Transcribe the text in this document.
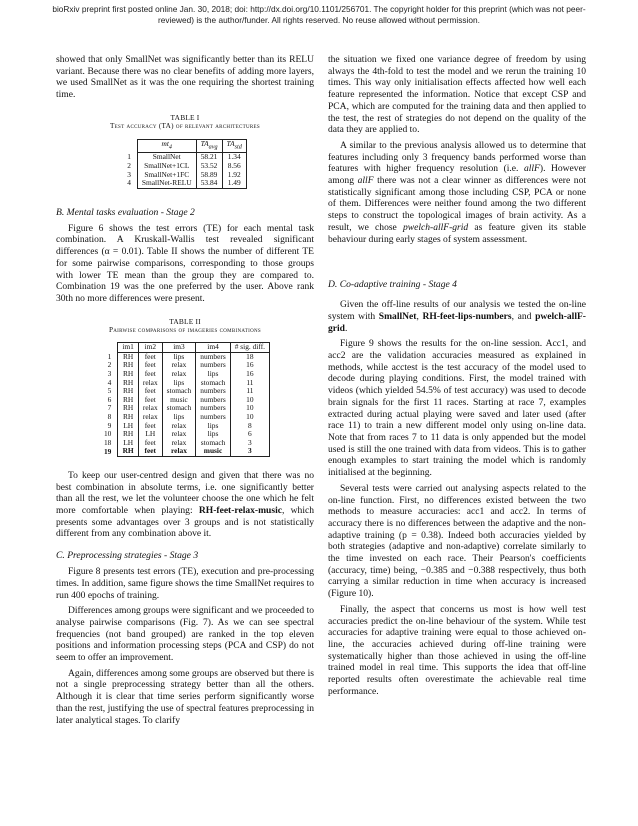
bioRxiv preprint first posted online Jan. 30, 2018; doi: http://dx.doi.org/10.1101/256701. The copyright holder for this preprint (which was not peer-reviewed) is the author/funder. All rights reserved. No reuse allowed without permission.

showed that only SmallNet was significantly better than its RELU variant. Because there was no clear benefits of adding more layers, we used SmallNet as it was the one requiring the shortest training time.

TABLE I
Test accuracy (TA) of relevant architectures
	$mt_4$	$TA_{avg}$	$TA_{std}$
1	SmallNet	58.21	1.34
2	SmallNet+1CL	53.52	8.56
3	SmallNet+1FC	58.89	1.92
4	SmallNet-RELU	53.84	1.49
B. Mental tasks evaluation - Stage 2

Figure 6 shows the test errors (TE) for each mental task combination. A Kruskall-Wallis test revealed significant differences (α = 0.01). Table II shows the number of different TE for some pairwise comparisons, corresponding to those groups with lower TE mean than the group they are compared to. Combination 19 was the one preferred by the user. Above rank 30th no more differences were present.

TABLE II
Pairwise comparisons of imageries combinations
	im1	im2	im3	im4	# sig. diff.
1	RH	feet	lips	numbers	18
2	RH	feet	relax	numbers	16
3	RH	feet	relax	lips	16
4	RH	relax	lips	stomach	11
5	RH	feet	stomach	numbers	11
6	RH	feet	music	numbers	10
7	RH	relax	stomach	numbers	10
8	RH	relax	lips	numbers	10
9	LH	feet	relax	lips	8
10	RH	LH	relax	lips	6
18	LH	feet	relax	stomach	3
19	RH	feet	relax	music	3

To keep our user-centred design and given that there was no best combination in absolute terms, i.e. one significantly better than all the rest, we let the volunteer choose the one which he felt more comfortable when playing: RH-feet-relax-music, which presents some advantages over 3 groups and is not statistically different from any combination above it.

C. Preprocessing strategies - Stage 3

Figure 8 presents test errors (TE), execution and pre-processing times. In addition, same figure shows the time SmallNet requires to run 400 epochs of training.

Differences among groups were significant and we proceeded to analyse pairwise comparisons (Fig. 7). As we can see spectral frequencies (not band grouped) are ranked in the top eleven positions and information processing steps (PCA and CSP) do not seem to offer an improvement.

Again, differences among some groups are observed but there is not a single preprocessing strategy better than all the others. Although it is clear that time series perform significantly worse than the rest, justifying the use of spectral features preprocessing in later analytical stages. To clarify

the situation we fixed one variance degree of freedom by using always the 4th-fold to test the model and we rerun the training 10 times. This way only initialisation effects affected how well each feature represented the information. Notice that except CSP and PCA, which are computed for the training data and then applied to the test, the rest of strategies do not depend on the quality of the data they are applied to.

A similar to the previous analysis allowed us to determine that features including only 3 frequency bands performed worse than features with higher frequency resolution (i.e. allF). However among allF there was not a clear winner as differences were not statistically significant among those including CSP, PCA or none of them. Differences were neither found among the two different steps to construct the topological images of brain activity. As a result, we chose pwelch-allF-grid as feature given its stable behaviour during early stages of system assessment.

D. Co-adaptive training - Stage 4

Given the off-line results of our analysis we tested the on-line system with SmallNet, RH-feet-lips-numbers, and pwelch-allF-grid.

Figure 9 shows the results for the on-line session. Acc1, and acc2 are the validation accuracies measured as explained in methods, while acctest is the test accuracy of the model used to decode during playing conditions. First, the model trained with videos (which yielded 54.5% of test accuracy) was used to decode brain signals for the first 11 races. Starting at race 7, examples extracted during actual playing were saved and later used (after race 11) to train a new different model only using on-line data. Note that from races 7 to 11 data is only appended but the model used is still the one trained with data from videos. This is to gather enough examples to start training the model which is randomly initialised at the beginning.

Several tests were carried out analysing aspects related to the on-line function. First, no differences existed between the two methods to measure accuracies: acc1 and acc2. In terms of accuracy there is no differences between the adaptive and the non-adaptive training (p = 0.38). Indeed both accuracies yielded by both strategies (adaptive and non-adaptive) correlate similarly to the time invested on each race. Their Pearson's coefficients (accuracy, time) being, −0.385 and −0.388 respectively, thus both carrying a similar reduction in time when accuracy is increased (Figure 10).

Finally, the aspect that concerns us most is how well test accuracies predict the on-line behaviour of the system. While test accuracies for adaptive training were equal to those achieved on-line, the accuracies achieved during off-line training were systematically higher than those achieved in using the off-line trained model in real time. This supports the idea that off-line reported results often overestimate the achievable real time performance.
